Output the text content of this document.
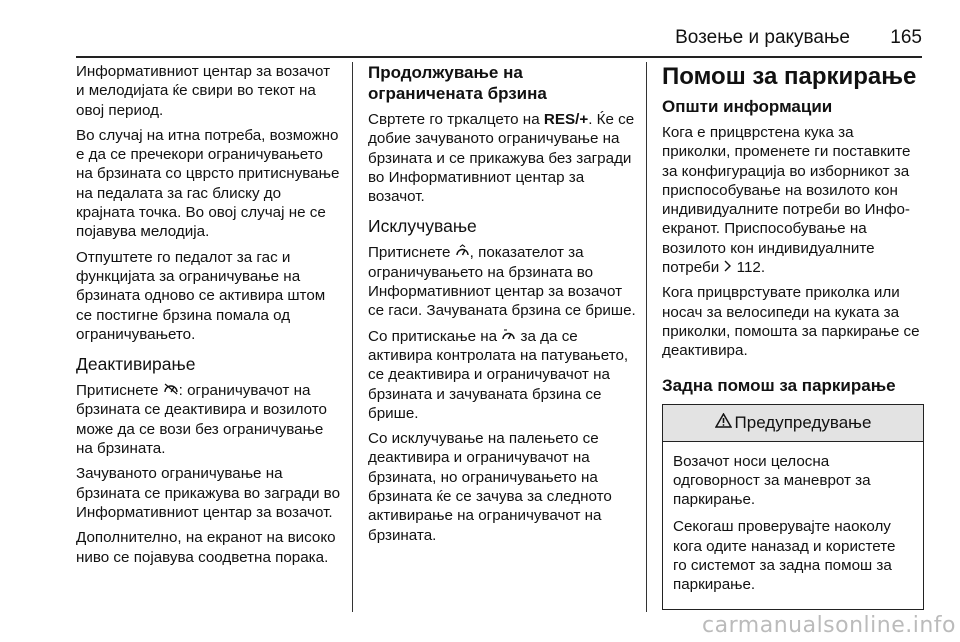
Возење и ракување 165

Информативниот центар за возачот и мелодијата ќе свири во текот на овој период.

Во случај на итна потреба, возможно е да се пречекори ограничувањето на брзината со цврсто притиснување на педалата за гас блиску до крајната точка. Во овој случај не се појавува мелодија.

Отпуштете го педалот за гас и функцијата за ограничување на брзината одново се активира штом се постигне брзина помала од ограничувањето.

Деактивирање

Притиснете : ограничувачот на брзината се деактивира и возилото може да се вози без ограничување на брзината.

Зачуваното ограничување на брзината се прикажува во загради во Информативниот центар за возачот.

Дополнително, на екранот на високо ниво се појавува соодветна порака.

Продолжување на ограничената брзина

Свртете го тркалцето на RES/+. Ќе се добие зачуваното ограничување на брзината и се прикажува без загради во Информативниот центар за возачот.

Исклучување

Притиснете , показателот за ограничувањето на брзината во Информативниот центар за возачот се гаси. Зачуваната брзина се брише.

Со притискање на  за да се активира контролата на патувањето, се деактивира и ограничувачот на брзината и зачуваната брзина се брише.

Со исклучување на палењето се деактивира и ограничувачот на брзината, но ограничувањето на брзината ќе се зачува за следното активирање на ограничувачот на брзината.

Помош за паркирање
Општи информации

Кога е прицврстена кука за приколки, променете ги поставките за конфигурација во изборникот за приспособување на возилото кон индивидуалните потреби во Инфо-екранот. Приспособување на возилото кон индивидуалните потреби  112.

Кога прицврстувате приколка или носач за велосипеди на куката за приколки, помошта за паркирање се деактивира.

Задна помош за паркирање
Предупредување

Возачот носи целосна одговорност за маневрот за паркирање.

Секогаш проверувајте наоколу кога одите наназад и користете го системот за задна помош за паркирање.

carmanualsonline.info
